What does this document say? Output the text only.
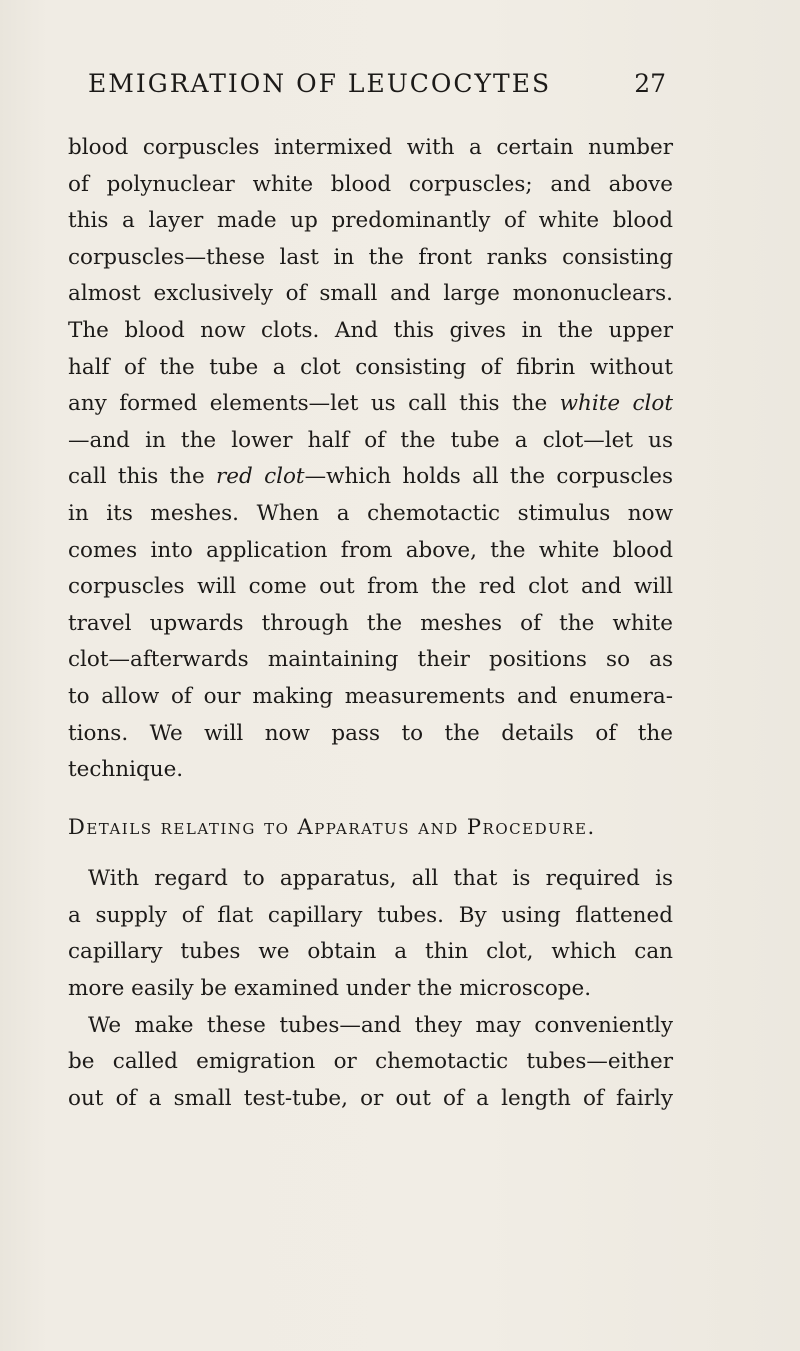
EMIGRATION OF LEUCOCYTES	27
blood corpuscles intermixed with a certain number
of polynuclear white blood corpuscles; and above
this a layer made up predominantly of white blood
corpuscles—these last in the front ranks consisting
almost exclusively of small and large mononuclears.
The blood now clots. And this gives in the upper
half of the tube a clot consisting of fibrin without
any formed elements—let us call this the white clot
—and in the lower half of the tube a clot—let us
call this the red clot—which holds all the corpuscles
in its meshes. When a chemotactic stimulus now
comes into application from above, the white blood
corpuscles will come out from the red clot and will
travel upwards through the meshes of the white
clot—afterwards maintaining their positions so as
to allow of our making measurements and enumera-
tions. We will now pass to the details of the
technique.
Details relating to Apparatus and Procedure.
With regard to apparatus, all that is required is
a supply of flat capillary tubes. By using flattened
capillary tubes we obtain a thin clot, which can
more easily be examined under the microscope.
We make these tubes—and they may conveniently
be called emigration or chemotactic tubes—either
out of a small test-tube, or out of a length of fairly
